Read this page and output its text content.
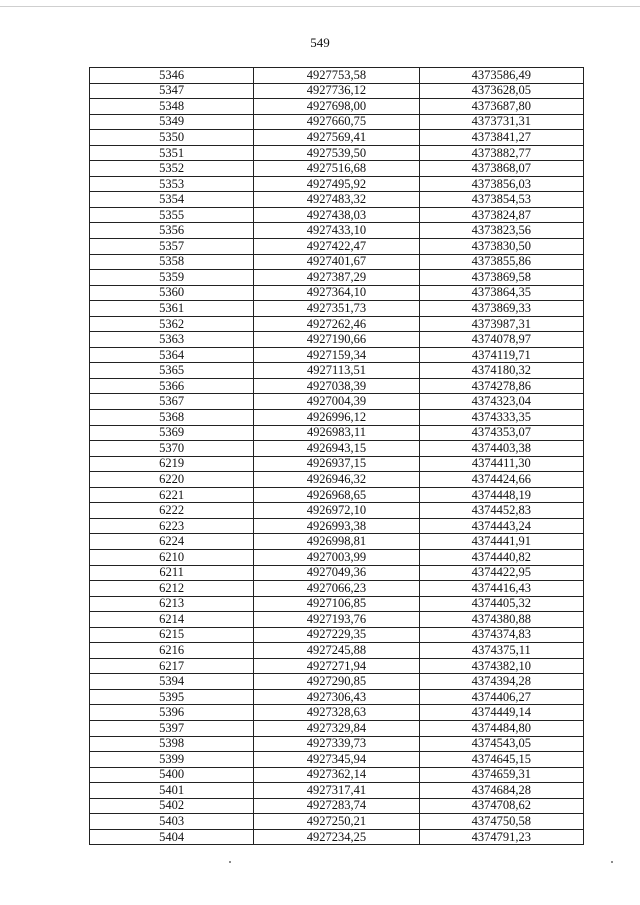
549
5346	4927753,58	4373586,49
5347	4927736,12	4373628,05
5348	4927698,00	4373687,80
5349	4927660,75	4373731,31
5350	4927569,41	4373841,27
5351	4927539,50	4373882,77
5352	4927516,68	4373868,07
5353	4927495,92	4373856,03
5354	4927483,32	4373854,53
5355	4927438,03	4373824,87
5356	4927433,10	4373823,56
5357	4927422,47	4373830,50
5358	4927401,67	4373855,86
5359	4927387,29	4373869,58
5360	4927364,10	4373864,35
5361	4927351,73	4373869,33
5362	4927262,46	4373987,31
5363	4927190,66	4374078,97
5364	4927159,34	4374119,71
5365	4927113,51	4374180,32
5366	4927038,39	4374278,86
5367	4927004,39	4374323,04
5368	4926996,12	4374333,35
5369	4926983,11	4374353,07
5370	4926943,15	4374403,38
6219	4926937,15	4374411,30
6220	4926946,32	4374424,66
6221	4926968,65	4374448,19
6222	4926972,10	4374452,83
6223	4926993,38	4374443,24
6224	4926998,81	4374441,91
6210	4927003,99	4374440,82
6211	4927049,36	4374422,95
6212	4927066,23	4374416,43
6213	4927106,85	4374405,32
6214	4927193,76	4374380,88
6215	4927229,35	4374374,83
6216	4927245,88	4374375,11
6217	4927271,94	4374382,10
5394	4927290,85	4374394,28
5395	4927306,43	4374406,27
5396	4927328,63	4374449,14
5397	4927329,84	4374484,80
5398	4927339,73	4374543,05
5399	4927345,94	4374645,15
5400	4927362,14	4374659,31
5401	4927317,41	4374684,28
5402	4927283,74	4374708,62
5403	4927250,21	4374750,58
5404	4927234,25	4374791,23
